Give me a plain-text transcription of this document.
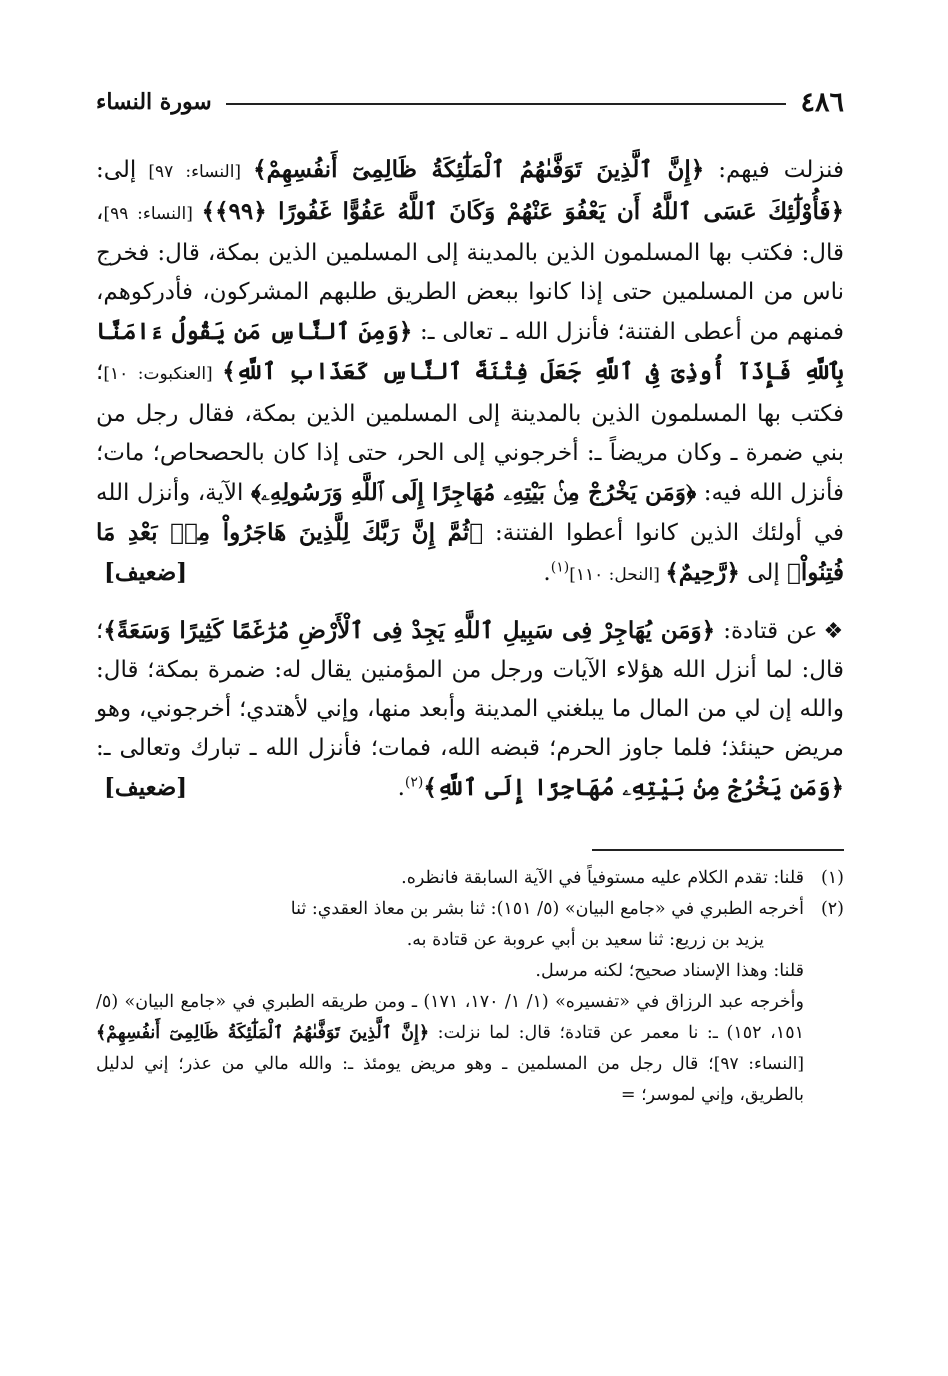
٤٨٦
سورة النساء

فنزلت فيهم: ﴿إِنَّ ٱلَّذِينَ تَوَفَّىٰهُمُ ٱلْمَلَٰٓئِكَةُ ظَالِمِىٓ أَنفُسِهِمْ﴾ [النساء: ٩٧] إلى: ﴿فَأُوْلَٰٓئِكَ عَسَى ٱللَّهُ أَن يَعْفُوَ عَنْهُمْ وَكَانَ ٱللَّهُ عَفُوًّا غَفُورًا ﴿٩٩﴾﴾ [النساء: ٩٩]، قال: فكتب بها المسلمون الذين بالمدينة إلى المسلمين الذين بمكة، قال: فخرج ناس من المسلمين حتى إذا كانوا ببعض الطريق طلبهم المشركون، فأدركوهم، فمنهم من أعطى الفتنة؛ فأنزل الله ـ تعالى ـ: ﴿وَمِنَ ٱلنَّاسِ مَن يَقُولُ ءَامَنَّا بِٱللَّهِ فَإِذَآ أُوذِىَ فِى ٱللَّهِ جَعَلَ فِتْنَةَ ٱلنَّاسِ كَعَذَابِ ٱللَّهِ﴾ [العنكبوت: ١٠]؛ فكتب بها المسلمون الذين بالمدينة إلى المسلمين الذين بمكة، فقال رجل من بني ضمرة ـ وكان مريضاً ـ: أخرجوني إلى الحر، حتى إذا كان بالحصحاص؛ مات؛ فأنزل الله فيه: ﴿وَمَن يَخْرُجْ مِنۢ بَيْتِهِۦ مُهَاجِرًا إِلَى ٱللَّهِ وَرَسُولِهِۦ﴾ الآية، وأنزل الله في أولئك الذين كانوا أعطوا الفتنة: ﴿ثُمَّ إِنَّ رَبَّكَ لِلَّذِينَ هَاجَرُواْ مِنۢ بَعْدِ مَا فُتِنُواْ﴾ إلى ﴿رَّحِيمٌ﴾ [النحل: ١١٠]$^{(١)}$.
[ضعيف]

❖عن قتادة: ﴿وَمَن يُهَاجِرْ فِى سَبِيلِ ٱللَّهِ يَجِدْ فِى ٱلْأَرْضِ مُرَٰغَمًا كَثِيرًا وَسَعَةً﴾؛ قال: لما أنزل الله هؤلاء الآيات ورجل من المؤمنين يقال له: ضمرة بمكة؛ قال: والله إن لي من المال ما يبلغني المدينة وأبعد منها، وإني لأهتدي؛ أخرجوني، وهو مريض حينئذ؛ فلما جاوز الحرم؛ قبضه الله، فمات؛ فأنزل الله ـ تبارك وتعالى ـ: ﴿وَمَن يَخْرُجْ مِنۢ بَيْتِهِۦ مُهَاجِرًا إِلَى ٱللَّهِ﴾$^{(٢)}$.
[ضعيف]

(١)
قلنا: تقدم الكلام عليه مستوفياً في الآية السابقة فانظره.

(٢)
أخرجه الطبري في «جامع البيان» (٥/ ١٥١): ثنا بشر بن معاذ العقدي: ثنا
يزيد بن زريع: ثنا سعيد بن أبي عروبة عن قتادة به.
قلنا: وهذا الإسناد صحيح؛ لكنه مرسل.
وأخرجه عبد الرزاق في «تفسيره» (١/ ١/ ١٧٠، ١٧١) ـ ومن طريقه الطبري في «جامع البيان» (٥/ ١٥١، ١٥٢) ـ: نا معمر عن قتادة؛ قال: لما نزلت: ﴿إِنَّ ٱلَّذِينَ تَوَفَّىٰهُمُ ٱلْمَلَٰٓئِكَةُ ظَالِمِىٓ أَنفُسِهِمْ﴾ [النساء: ٩٧]؛ قال رجل من المسلمين ـ وهو مريض يومئذ ـ: والله مالي من عذر؛ إني لدليل بالطريق، وإني لموسر؛ =
